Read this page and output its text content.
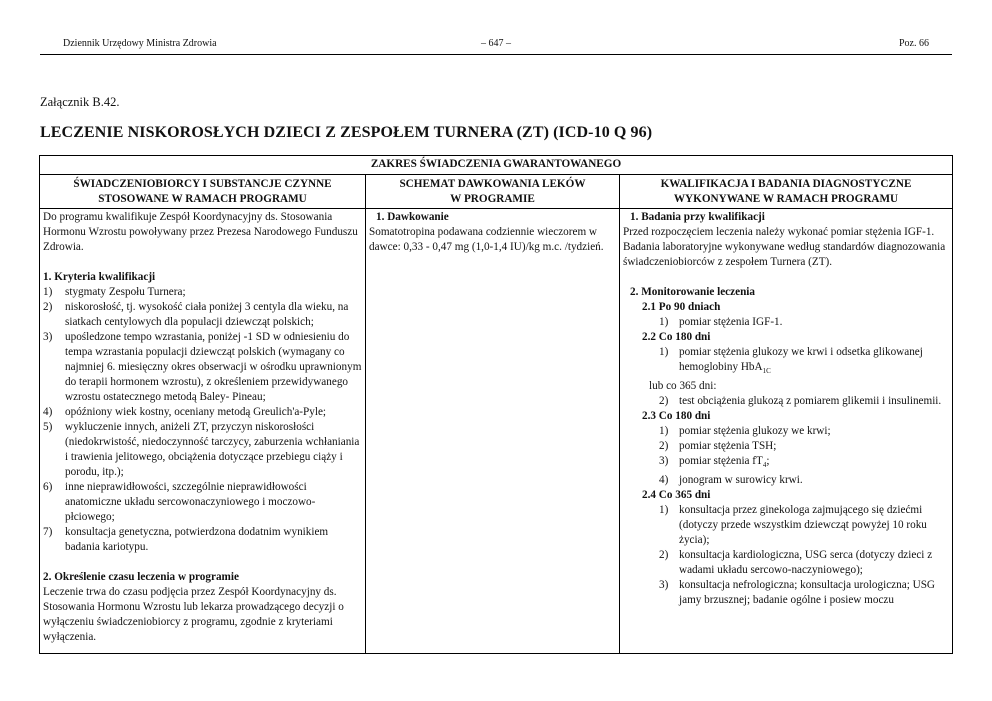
Dziennik Urzędowy Ministra Zdrowia	– 647 –	Poz. 66
Załącznik B.42.
LECZENIE NISKOROSŁYCH DZIECI Z ZESPOŁEM TURNERA (ZT) (ICD-10 Q 96)
ZAKRES ŚWIADCZENIA GWARANTOWANEGO
ŚWIADCZENIOBIORCY I SUBSTANCJE CZYNNE
STOSOWANE W RAMACH PROGRAMU
Do programu kwalifikuje Zespół Koordynacyjny ds. Stosowania Hormonu Wzrostu powoływany przez Prezesa Narodowego Funduszu Zdrowia.
1. Kryteria kwalifikacji
1) stygmaty Zespołu Turnera;
2) niskorosłość, tj. wysokość ciała poniżej 3 centyla dla wieku, na siatkach centylowych dla populacji dziewcząt polskich;
3) upośledzone tempo wzrastania, poniżej -1 SD w odniesieniu do tempa wzrastania populacji dziewcząt polskich (wymagany co najmniej 6. miesięczny okres obserwacji w ośrodku uprawnionym do terapii hormonem wzrostu), z określeniem przewidywanego wzrostu ostatecznego metodą Baley- Pineau;
4) opóźniony wiek kostny, oceniany metodą Greulich'a-Pyle;
5) wykluczenie innych, aniżeli ZT, przyczyn niskorosłości (niedokrwistość, niedoczynność tarczycy, zaburzenia wchłaniania i trawienia jelitowego, obciążenia dotyczące przebiegu ciąży i porodu, itp.);
6) inne nieprawidłowości, szczególnie nieprawidłowości anatomiczne układu sercowonaczyniowego i moczowo-płciowego;
7) konsultacja genetyczna, potwierdzona dodatnim wynikiem badania kariotypu.
2. Określenie czasu leczenia w programie
Leczenie trwa do czasu podjęcia przez Zespół Koordynacyjny ds. Stosowania Hormonu Wzrostu lub lekarza prowadzącego decyzji o wyłączeniu świadczeniobiorcy z programu, zgodnie z kryteriami wyłączenia.
SCHEMAT DAWKOWANIA LEKÓW
W PROGRAMIE
1. Dawkowanie
Somatotropina podawana codziennie wieczorem w dawce: 0,33 - 0,47 mg (1,0-1,4 IU)/kg m.c. /tydzień.
KWALIFIKACJA I BADANIA DIAGNOSTYCZNE
WYKONYWANE W RAMACH PROGRAMU
1. Badania przy kwalifikacji
Przed rozpoczęciem leczenia należy wykonać pomiar stężenia IGF-1.
Badania laboratoryjne wykonywane według standardów diagnozowania świadczeniobiorców z zespołem Turnera (ZT).
2. Monitorowanie leczenia
2.1 Po 90 dniach
1) pomiar stężenia IGF-1.
2.2 Co 180 dni
1) pomiar stężenia glukozy we krwi i odsetka glikowanej hemoglobiny HbA$_{1C}$
lub co 365 dni:
2) test obciążenia glukozą z pomiarem glikemii i insulinemii.
2.3 Co 180 dni
1) pomiar stężenia glukozy we krwi;
2) pomiar stężenia TSH;
3) pomiar stężenia $fT_4$;
4) jonogram w surowicy krwi.
2.4 Co 365 dni
1) konsultacja przez ginekologa zajmującego się dziećmi (dotyczy przede wszystkim dziewcząt powyżej 10 roku życia);
2) konsultacja kardiologiczna, USG serca (dotyczy dzieci z wadami układu sercowo-naczyniowego);
3) konsultacja nefrologiczna; konsultacja urologiczna; USG jamy brzusznej; badanie ogólne i posiew moczu
